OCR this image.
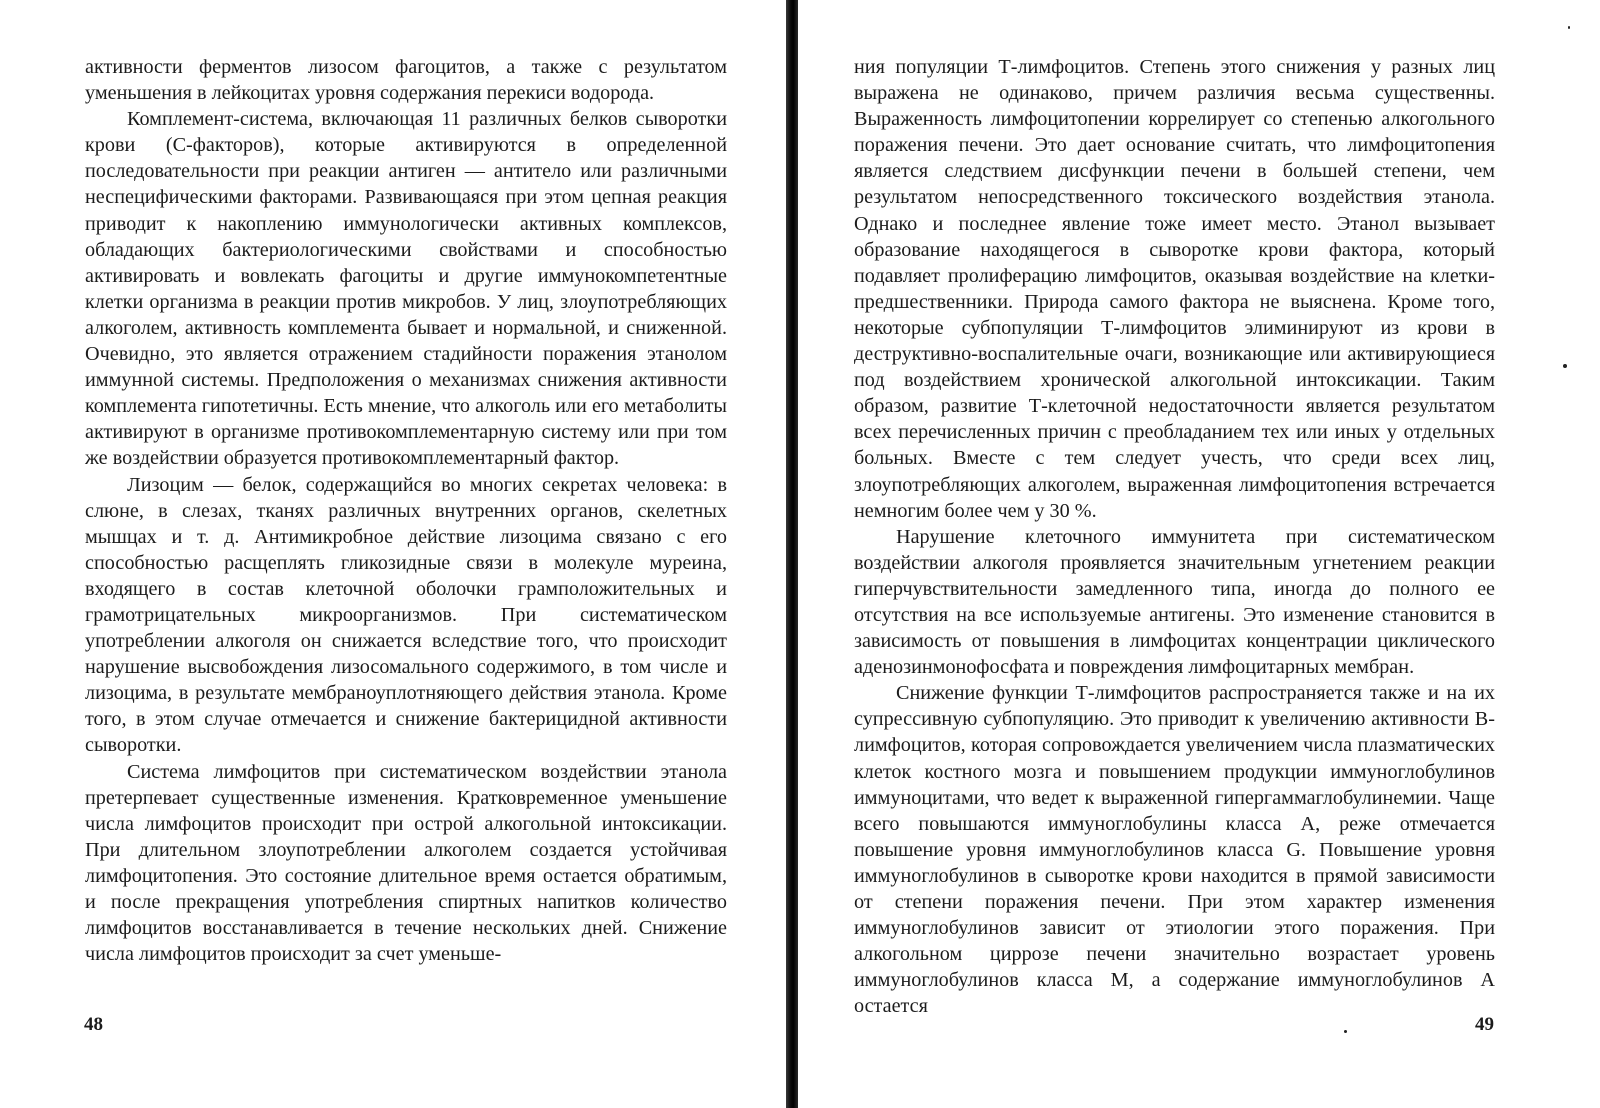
активности ферментов лизосом фагоцитов, а также с результатом уменьшения в лейкоцитах уровня содержания перекиси водорода.

Комплемент-система, включающая 11 различных белков сыворотки крови (С-факторов), которые активируются в определенной последовательности при реакции антиген — антитело или различными неспецифическими факторами. Развивающаяся при этом цепная реакция приводит к накоплению иммунологически активных комплексов, обладающих бактериологическими свойствами и способностью активировать и вовлекать фагоциты и другие иммунокомпетентные клетки организма в реакции против микробов. У лиц, злоупотребляющих алкоголем, активность комплемента бывает и нормальной, и сниженной. Очевидно, это является отражением стадийности поражения этанолом иммунной системы. Предположения о механизмах снижения активности комплемента гипотетичны. Есть мнение, что алкоголь или его метаболиты активируют в организме противокомплементарную систему или при том же воздействии образуется противокомплементарный фактор.

Лизоцим — белок, содержащийся во многих секретах человека: в слюне, в слезах, тканях различных внутренних органов, скелетных мышцах и т. д. Антимикробное действие лизоцима связано с его способностью расщеплять гликозидные связи в молекуле муреина, входящего в состав клеточной оболочки грамположительных и грамотрицательных микроорганизмов. При систематическом употреблении алкоголя он снижается вследствие того, что происходит нарушение высвобождения лизосомального содержимого, в том числе и лизоцима, в результате мембраноуплотняющего действия этанола. Кроме того, в этом случае отмечается и снижение бактерицидной активности сыворотки.

Система лимфоцитов при систематическом воздействии этанола претерпевает существенные изменения. Кратковременное уменьшение числа лимфоцитов происходит при острой алкогольной интоксикации. При длительном злоупотреблении алкоголем создается устойчивая лимфоцитопения. Это состояние длительное время остается обратимым, и после прекращения употребления спиртных напитков количество лимфоцитов восстанавливается в течение нескольких дней. Снижение числа лимфоцитов происходит за счет уменьше-

48

ния популяции Т-лимфоцитов. Степень этого снижения у разных лиц выражена не одинаково, причем различия весьма существенны. Выраженность лимфоцитопении коррелирует со степенью алкогольного поражения печени. Это дает основание считать, что лимфоцитопения является следствием дисфункции печени в большей степени, чем результатом непосредственного токсического воздействия этанола. Однако и последнее явление тоже имеет место. Этанол вызывает образование находящегося в сыворотке крови фактора, который подавляет пролиферацию лимфоцитов, оказывая воздействие на клетки- предшественники. Природа самого фактора не выяснена. Кроме того, некоторые субпопуляции Т-лимфоцитов элиминируют из крови в деструктивно-воспалительные очаги, возникающие или активирующиеся под воздействием хронической алкогольной интоксикации. Таким образом, развитие Т-клеточной недостаточности является результатом всех перечисленных причин с преобладанием тех или иных у отдельных больных. Вместе с тем следует учесть, что среди всех лиц, злоупотребляющих алкоголем, выраженная лимфоцитопения встречается немногим более чем у 30 %.

Нарушение клеточного иммунитета при систематическом воздействии алкоголя проявляется значительным угнетением реакции гиперчувствительности замедленного типа, иногда до полного ее отсутствия на все используемые антигены. Это изменение становится в зависимость от повышения в лимфоцитах концентрации циклического аденозинмонофосфата и повреждения лимфоцитарных мембран.

Снижение функции Т-лимфоцитов распространяется также и на их супрессивную субпопуляцию. Это приводит к увеличению активности В- лимфоцитов, которая сопровождается увеличением числа плазматических клеток костного мозга и повышением продукции иммуноглобулинов иммуноцитами, что ведет к выраженной гипергаммаглобулинемии. Чаще всего повышаются иммуноглобулины класса А, реже отмечается повышение уровня иммуноглобулинов класса G. Повышение уровня иммуноглобулинов в сыворотке крови находится в прямой зависимости от степени поражения печени. При этом характер изменения иммуноглобулинов зависит от этиологии этого поражения. При алкогольном циррозе печени значительно возрастает уровень иммуноглобулинов класса М, а содержание иммуноглобулинов А остается

49
